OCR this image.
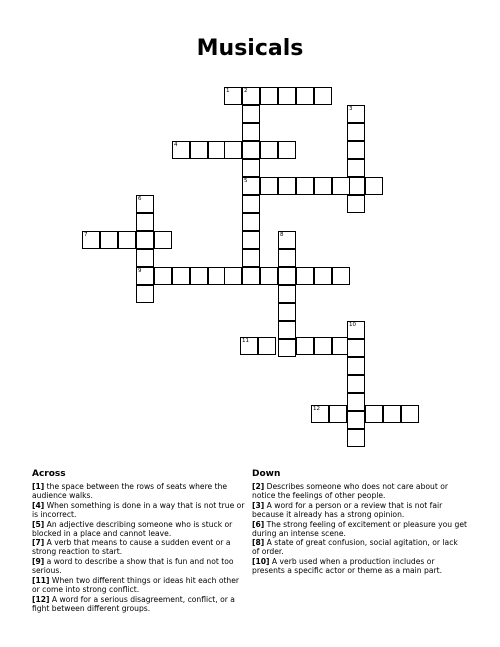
Musicals
1	2
5
3
4
6
9
7	8
11
10
12
Across
[1] the space between the rows of seats where the audience walks.
[4] When something is done in a way that is not true or is incorrect.
[5] An adjective describing someone who is stuck or blocked in a place and cannot leave.
[7] A verb that means to cause a sudden event or a strong reaction to start.
[9] a word to describe a show that is fun and not too serious.
[11] When two different things or ideas hit each other or come into strong conflict.
[12] A word for a serious disagreement, conflict, or a fight between different groups.
Down
[2] Describes someone who does not care about or notice the feelings of other people.
[3] A word for a person or a review that is not fair because it already has a strong opinion.
[6] The strong feeling of excitement or pleasure you get during an intense scene.
[8] A state of great confusion, social agitation, or lack of order.
[10] A verb used when a production includes or presents a specific actor or theme as a main part.
